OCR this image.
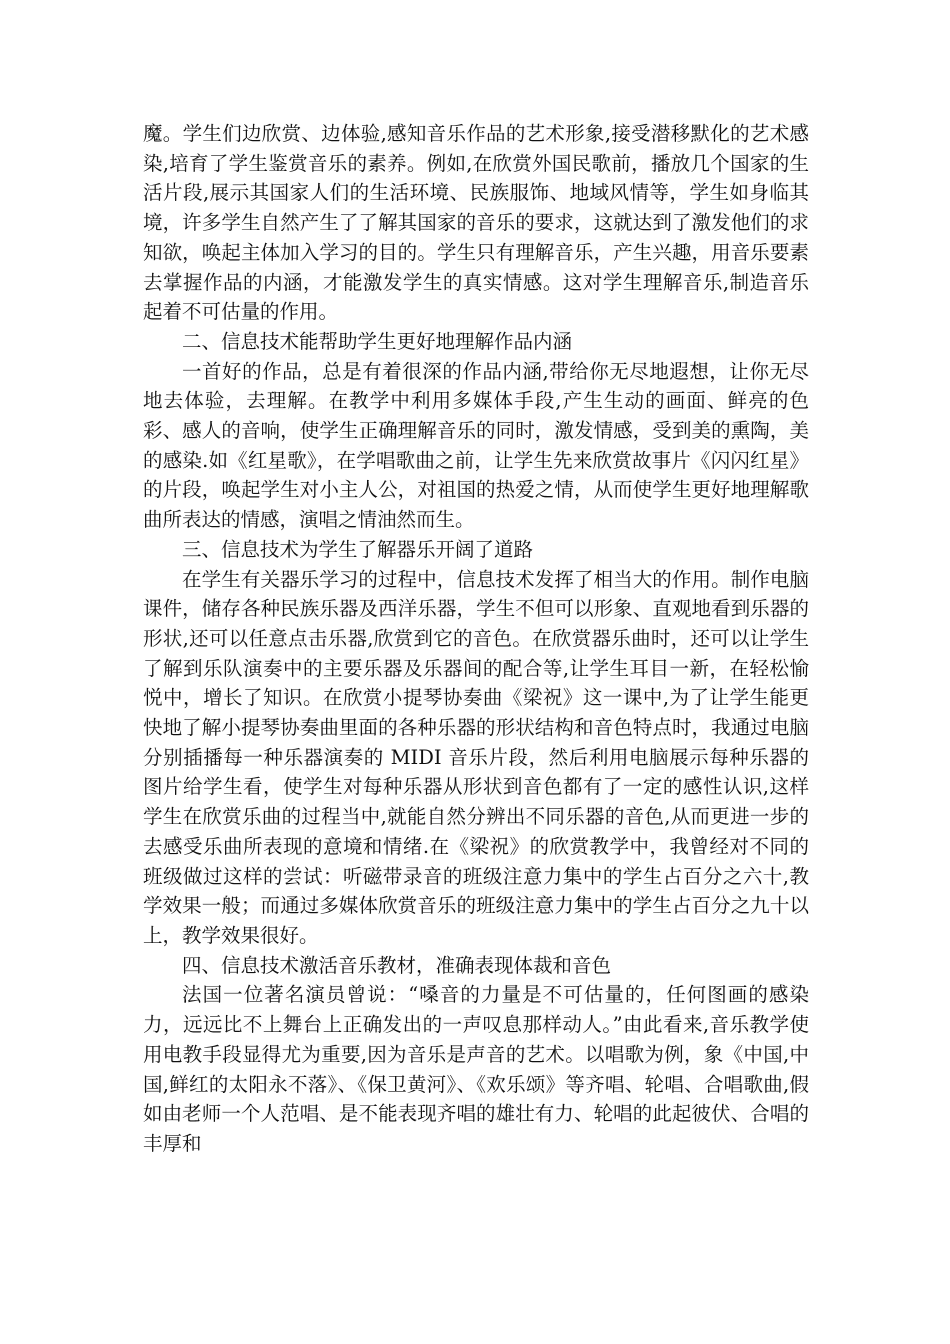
魔。学生们边欣赏、边体验,感知音乐作品的艺术形象,接受潜移默化的艺术感染,培育了学生鉴赏音乐的素养。例如,在欣赏外国民歌前，播放几个国家的生活片段,展示其国家人们的生活环境、民族服饰、地域风情等，学生如身临其境，许多学生自然产生了了解其国家的音乐的要求，这就达到了激发他们的求知欲，唤起主体加入学习的目的。学生只有理解音乐，产生兴趣，用音乐要素去掌握作品的内涵，才能激发学生的真实情感。这对学生理解音乐,制造音乐起着不可估量的作用。

二、信息技术能帮助学生更好地理解作品内涵

一首好的作品，总是有着很深的作品内涵,带给你无尽地遐想，让你无尽地去体验，去理解。在教学中利用多媒体手段,产生生动的画面、鲜亮的色彩、感人的音响，使学生正确理解音乐的同时，激发情感，受到美的熏陶，美的感染.如《红星歌》，在学唱歌曲之前，让学生先来欣赏故事片《闪闪红星》的片段，唤起学生对小主人公，对祖国的热爱之情，从而使学生更好地理解歌曲所表达的情感，演唱之情油然而生。

三、信息技术为学生了解器乐开阔了道路

在学生有关器乐学习的过程中，信息技术发挥了相当大的作用。制作电脑课件，储存各种民族乐器及西洋乐器，学生不但可以形象、直观地看到乐器的形状,还可以任意点击乐器,欣赏到它的音色。在欣赏器乐曲时，还可以让学生了解到乐队演奏中的主要乐器及乐器间的配合等,让学生耳目一新，在轻松愉悦中，增长了知识。在欣赏小提琴协奏曲《梁祝》这一课中,为了让学生能更快地了解小提琴协奏曲里面的各种乐器的形状结构和音色特点时，我通过电脑分别插播每一种乐器演奏的 MIDI 音乐片段，然后利用电脑展示每种乐器的图片给学生看，使学生对每种乐器从形状到音色都有了一定的感性认识,这样学生在欣赏乐曲的过程当中,就能自然分辨出不同乐器的音色,从而更进一步的去感受乐曲所表现的意境和情绪.在《梁祝》的欣赏教学中，我曾经对不同的班级做过这样的尝试：听磁带录音的班级注意力集中的学生占百分之六十,教学效果一般；而通过多媒体欣赏音乐的班级注意力集中的学生占百分之九十以上，教学效果很好。

四、信息技术激活音乐教材，准确表现体裁和音色

法国一位著名演员曾说：“嗓音的力量是不可估量的，任何图画的感染力，远远比不上舞台上正确发出的一声叹息那样动人。”由此看来,音乐教学使用电教手段显得尤为重要,因为音乐是声音的艺术。以唱歌为例，象《中国,中国,鲜红的太阳永不落》、《保卫黄河》、《欢乐颂》等齐唱、轮唱、合唱歌曲,假如由老师一个人范唱、是不能表现齐唱的雄壮有力、轮唱的此起彼伏、合唱的丰厚和
